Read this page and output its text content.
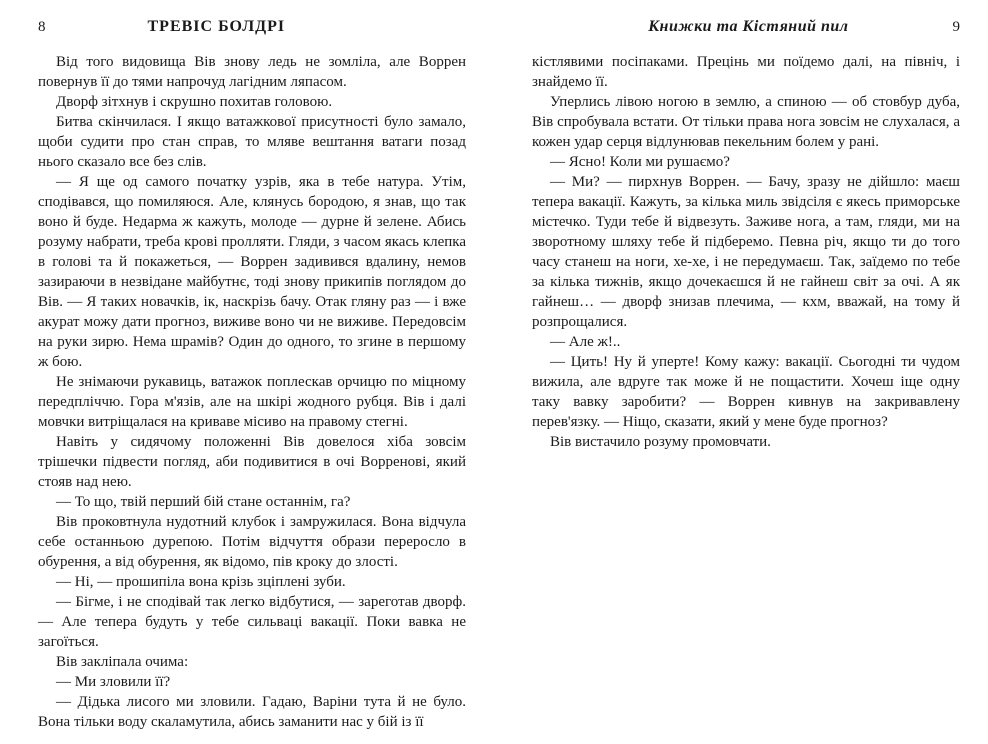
8	ТРЕВІС БОЛДРІ

Від того видовища Вів знову ледь не зомліла, але Воррен повернув її до тями напрочуд лагідним ляпасом.

Дворф зітхнув і скрушно похитав головою.

Битва скінчилася. І якщо ватажкової присутності було замало, щоби судити про стан справ, то мляве вештання ватаги позад нього сказало все без слів.

— Я ще од самого початку узрів, яка в тебе натура. Утім, сподівався, що помиляюся. Але, клянусь бородою, я знав, що так воно й буде. Недарма ж кажуть, молоде — дурне й зелене. Абись розуму набрати, треба крові пролляти. Гляди, з часом якась клепка в голові та й покажеться, — Воррен задивився вдалину, немов зазираючи в незвідане майбутнє, тоді знову прикипів поглядом до Вів. — Я таких новачків, ік, наскрізь бачу. Отак гляну раз — і вже акурат можу дати прогноз, виживе воно чи не виживе. Передовсім на руки зирю. Нема шрамів? Один до одного, то згине в першому ж бою.

Не знімаючи рукавиць, ватажок поплескав орчицю по міцному передпліччю. Гора м'язів, але на шкірі жодного рубця. Вів і далі мовчки витріщалася на криваве місиво на правому стегні.

Навіть у сидячому положенні Вів довелося хіба зовсім трішечки підвести погляд, аби подивитися в очі Ворренові, який стояв над нею.

— То що, твій перший бій стане останнім, га?

Вів проковтнула нудотний клубок і замружилася. Вона відчула себе останньою дурепою. Потім відчуття образи переросло в обурення, а від обурення, як відомо, пів кроку до злості.

— Ні, — прошипіла вона крізь зціплені зуби.

— Бігме, і не сподівай так легко відбутися, — зареготав дворф. — Але тепера будуть у тебе сильваці вакації. Поки вавка не загоїться.

Вів закліпала очима:

— Ми зловили її?

— Дідька лисого ми зловили. Гадаю, Варіни тута й не було. Вона тільки воду скаламутила, абись заманити нас у бій із її

Книжки та Кістяний пил	9

кістлявими посіпаками. Прецінь ми поїдемо далі, на північ, і знайдемо її.

Уперлись лівою ногою в землю, а спиною — об стовбур дуба, Вів спробувала встати. От тільки права нога зовсім не слухалася, а кожен удар серця відлунював пекельним болем у рані.

— Ясно! Коли ми рушаємо?

— Ми? — пирхнув Воррен. — Бачу, зразу не дійшло: маєш тепера вакації. Кажуть, за кілька миль звідсіля є якесь приморське містечко. Туди тебе й відвезуть. Заживе нога, а там, гляди, ми на зворотному шляху тебе й підберемо. Певна річ, якщо ти до того часу станеш на ноги, хе-хе, і не передумаєш. Так, заїдемо по тебе за кілька тижнів, якщо дочекаєшся й не гайнеш світ за очі. А як гайнеш… — дворф знизав плечима, — кхм, вважай, на тому й розпрощалися.

— Але ж!..

— Цить! Ну й уперте! Кому кажу: вакації. Сьогодні ти чудом вижила, але вдруге так може й не пощастити. Хочеш іще одну таку вавку заробити? — Воррен кивнув на закривавлену перев'язку. — Ніщо, сказати, який у мене буде прогноз?

Вів вистачило розуму промовчати.
